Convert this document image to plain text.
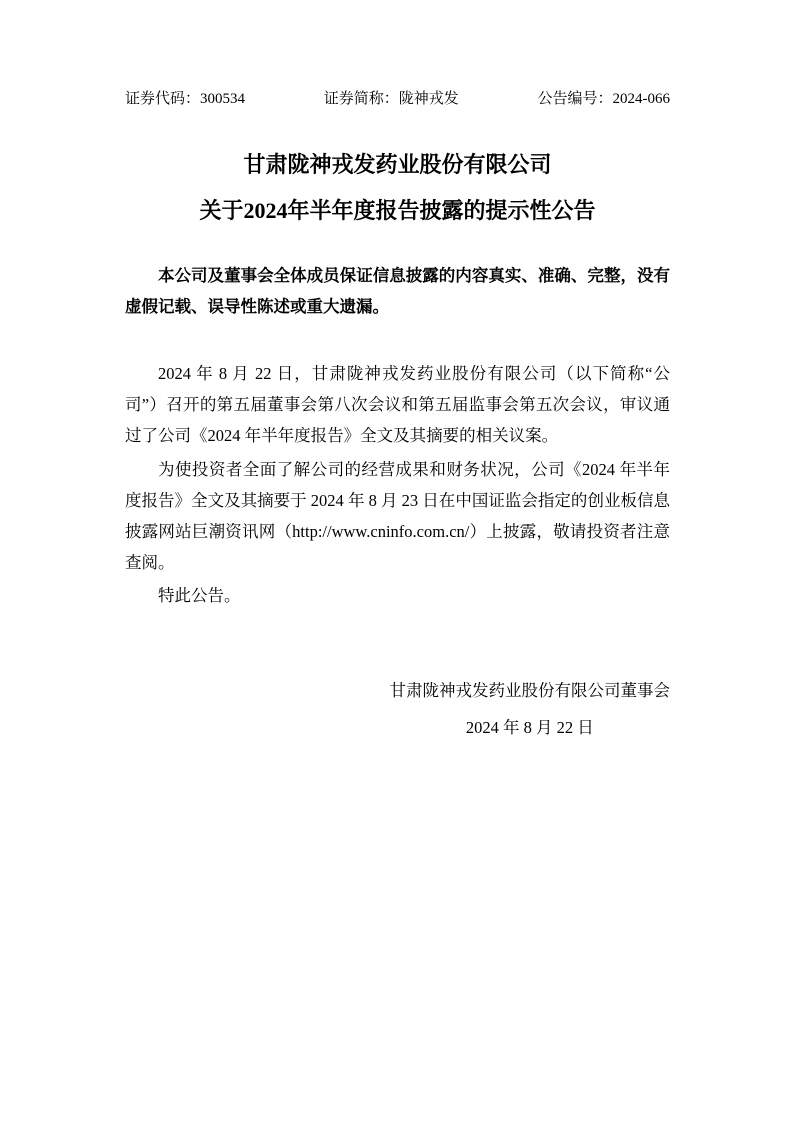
证券代码：300534	证券简称：陇神戎发	公告编号：2024-066
甘肃陇神戎发药业股份有限公司
关于2024年半年度报告披露的提示性公告

本公司及董事会全体成员保证信息披露的内容真实、准确、完整，没有虚假记载、误导性陈述或重大遗漏。

2024 年 8 月 22 日，甘肃陇神戎发药业股份有限公司（以下简称“公司”）召开的第五届董事会第八次会议和第五届监事会第五次会议，审议通过了公司《2024 年半年度报告》全文及其摘要的相关议案。

为使投资者全面了解公司的经营成果和财务状况，公司《2024 年半年度报告》全文及其摘要于 2024 年 8 月 23 日在中国证监会指定的创业板信息披露网站巨潮资讯网（http://www.cninfo.com.cn/）上披露，敬请投资者注意查阅。

特此公告。

甘肃陇神戎发药业股份有限公司董事会
2024 年 8 月 22 日
